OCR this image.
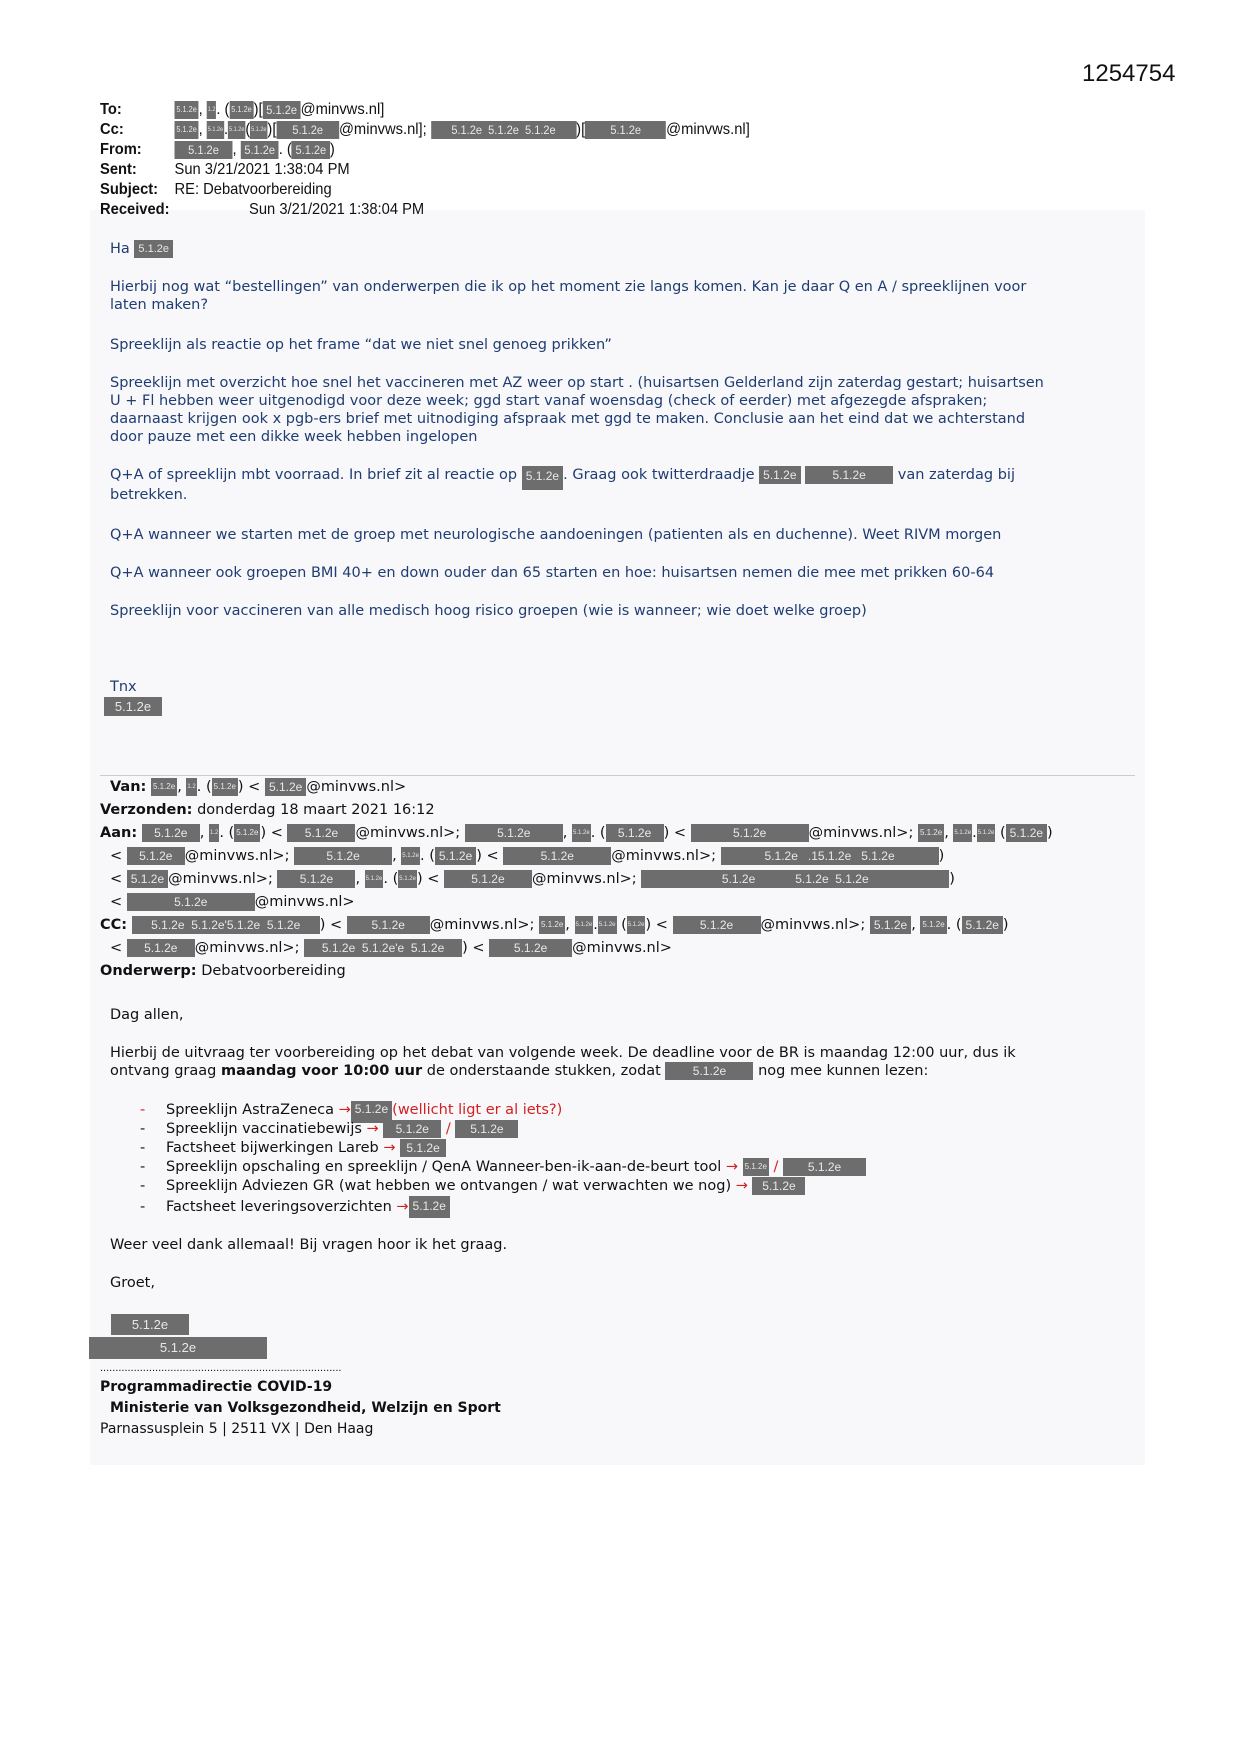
1254754
To:	5.1.2e , 1.2. ( 5.1.2e )[ 5.1.2e @minvws.nl]
Cc:	5.1.2e , 5.1.2e.5.1.2e(5.1.2e)[ 5.1.2e @minvws.nl]; 5.1.2e  5.1.2e  5.1.2e )[ 5.1.2e @minvws.nl]
From:	5.1.2e , 5.1.2e . ( 5.1.2e )
Sent: Sun 3/21/2021 1:38:04 PM
Subject: RE: Debatvoorbereiding
Received:	Sun 3/21/2021 1:38:04 PM
Ha 5.1.2e
Hierbij nog wat “bestellingen” van onderwerpen die ik op het moment zie langs komen. Kan je daar Q en A / spreeklijnen voor
laten maken?
Spreeklijn als reactie op het frame “dat we niet snel genoeg prikken”
Spreeklijn met overzicht hoe snel het vaccineren met AZ weer op start . (huisartsen Gelderland zijn zaterdag gestart; huisartsen
U + Fl hebben weer uitgenodigd voor deze week; ggd start vanaf woensdag (check of eerder) met afgezegde afspraken;
daarnaast krijgen ook x pgb-ers brief met uitnodiging afspraak met ggd te maken. Conclusie aan het eind dat we achterstand
door pauze met een dikke week hebben ingelopen
Q+A of spreeklijn mbt voorraad. In brief zit al reactie op 5.1.2e . Graag ook twitterdraadje 5.1.2e	5.1.2e van zaterdag bij
betrekken.
Q+A wanneer we starten met de groep met neurologische aandoeningen (patienten als en duchenne). Weet RIVM morgen
Q+A wanneer ook groepen BMI 40+ en down ouder dan 65 starten en hoe: huisartsen nemen die mee met prikken 60-64
Spreeklijn voor vaccineren van alle medisch hoog risico groepen (wie is wanneer; wie doet welke groep)
Tnx
5.1.2e
Van: 5.1.2e , 1.2. ( 5.1.2e ) < 5.1.2e @minvws.nl>
Verzonden: donderdag 18 maart 2021 16:12
Aan: 5.1.2e , 1.2. ( 5.1.2e ) < 5.1.2e @minvws.nl>;	5.1.2e , 5.1.2e. ( 5.1.2e ) <	5.1.2e	@minvws.nl>; 5.1.2e , 5.1.2e.5.1.2e ( 5.1.2e )
< 5.1.2e @minvws.nl>;	5.1.2e , 5.1.2e. ( 5.1.2e ) <	5.1.2e	@minvws.nl>;	5.1.2e   .15.1.2e   5.1.2e	)
< 5.1.2e @minvws.nl>; 5.1.2e , 5.1.2e. (5.1.2e) < 5.1.2e @minvws.nl>;	5.1.2e            5.1.2e  5.1.2e	)
<	5.1.2e	@minvws.nl>
CC: 5.1.2e  5.1.2e'5.1.2e  5.1.2e ) < 5.1.2e @minvws.nl>; 5.1.2e , 5.1.2e.5.1.2e (5.1.2e) < 5.1.2e @minvws.nl>; 5.1.2e , 5.1.2e . ( 5.1.2e )
< 5.1.2e @minvws.nl>; 5.1.2e  5.1.2e'e  5.1.2e ) < 5.1.2e @minvws.nl>
Onderwerp: Debatvoorbereiding
Dag allen,
Hierbij de uitvraag ter voorbereiding op het debat van volgende week. De deadline voor de BR is maandag 12:00 uur, dus ik
ontvang graag maandag voor 10:00 uur de onderstaande stukken, zodat	5.1.2e nog mee kunnen lezen:
- Spreeklijn AstraZeneca → 5.1.2e (wellicht ligt er al iets?)
- Spreeklijn vaccinatiebewijs → 5.1.2e / 5.1.2e
- Factsheet bijwerkingen Lareb → 5.1.2e
- Spreeklijn opschaling en spreeklijn / QenA Wanneer-ben-ik-aan-de-beurt tool → 5.1.2e / 5.1.2e
- Spreeklijn Adviezen GR (wat hebben we ontvangen / wat verwachten we nog) → 5.1.2e
- Factsheet leveringsoverzichten → 5.1.2e
Weer veel dank allemaal! Bij vragen hoor ik het graag.
Groet,
5.1.2e
5.1.2e
...............................................................................
Programmadirectie COVID-19
Ministerie van Volksgezondheid, Welzijn en Sport
Parnassusplein 5 | 2511 VX | Den Haag
